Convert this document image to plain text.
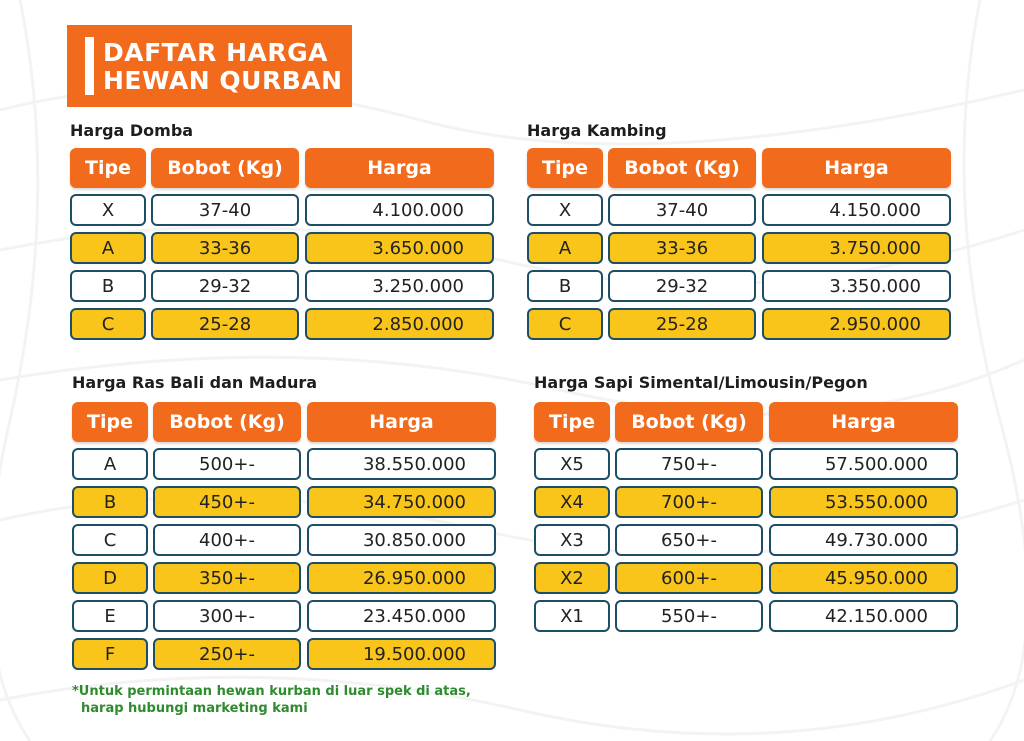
DAFTAR HARGA
HEWAN QURBAN
Harga Domba
Tipe	Bobot (Kg)	Harga
X	37-40	4.100.000
A	33-36	3.650.000
B	29-32	3.250.000
C	25-28	2.850.000
Harga Kambing
Tipe	Bobot (Kg)	Harga
X	37-40	4.150.000
A	33-36	3.750.000
B	29-32	3.350.000
C	25-28	2.950.000
Harga Ras Bali dan Madura
Tipe	Bobot (Kg)	Harga
A	500+-	38.550.000
B	450+-	34.750.000
C	400+-	30.850.000
D	350+-	26.950.000
E	300+-	23.450.000
F	250+-	19.500.000
Harga Sapi Simental/Limousin/Pegon
Tipe	Bobot (Kg)	Harga
X5	750+-	57.500.000
X4	700+-	53.550.000
X3	650+-	49.730.000
X2	600+-	45.950.000
X1	550+-	42.150.000
*Untuk permintaan hewan kurban di luar spek di atas,
harap hubungi marketing kami
